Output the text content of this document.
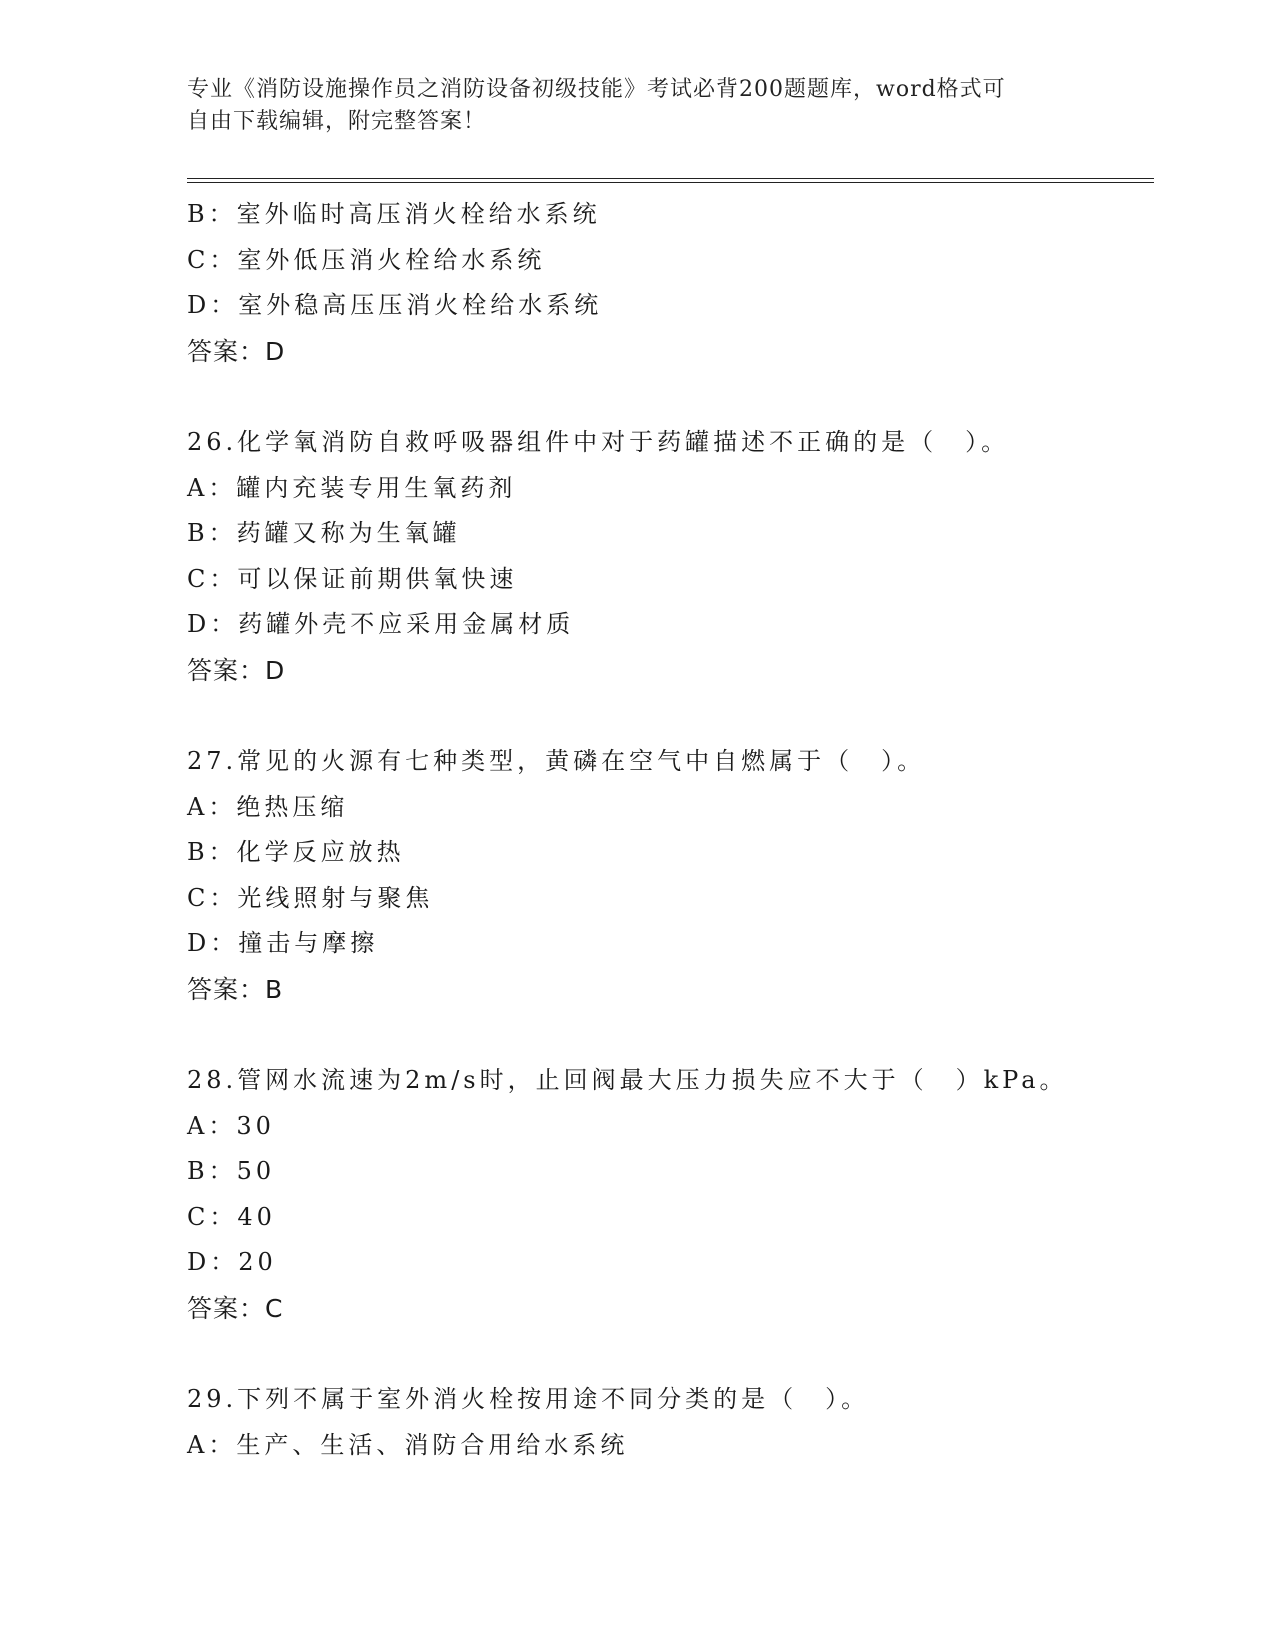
专业《消防设施操作员之消防设备初级技能》考试必背200题题库，word格式可
自由下载编辑，附完整答案！
B：室外临时高压消火栓给水系统
C：室外低压消火栓给水系统
D：室外稳高压压消火栓给水系统
答案：D
26.化学氧消防自救呼吸器组件中对于药罐描述不正确的是（　）。
A：罐内充装专用生氧药剂
B：药罐又称为生氧罐
C：可以保证前期供氧快速
D：药罐外壳不应采用金属材质
答案：D
27.常见的火源有七种类型，黄磷在空气中自燃属于（　）。
A：绝热压缩
B：化学反应放热
C：光线照射与聚焦
D：撞击与摩擦
答案：B
28.管网水流速为2m/s时，止回阀最大压力损失应不大于（　）kPa。
A：30
B：50
C：40
D：20
答案：C
29.下列不属于室外消火栓按用途不同分类的是（　）。
A：生产、生活、消防合用给水系统
